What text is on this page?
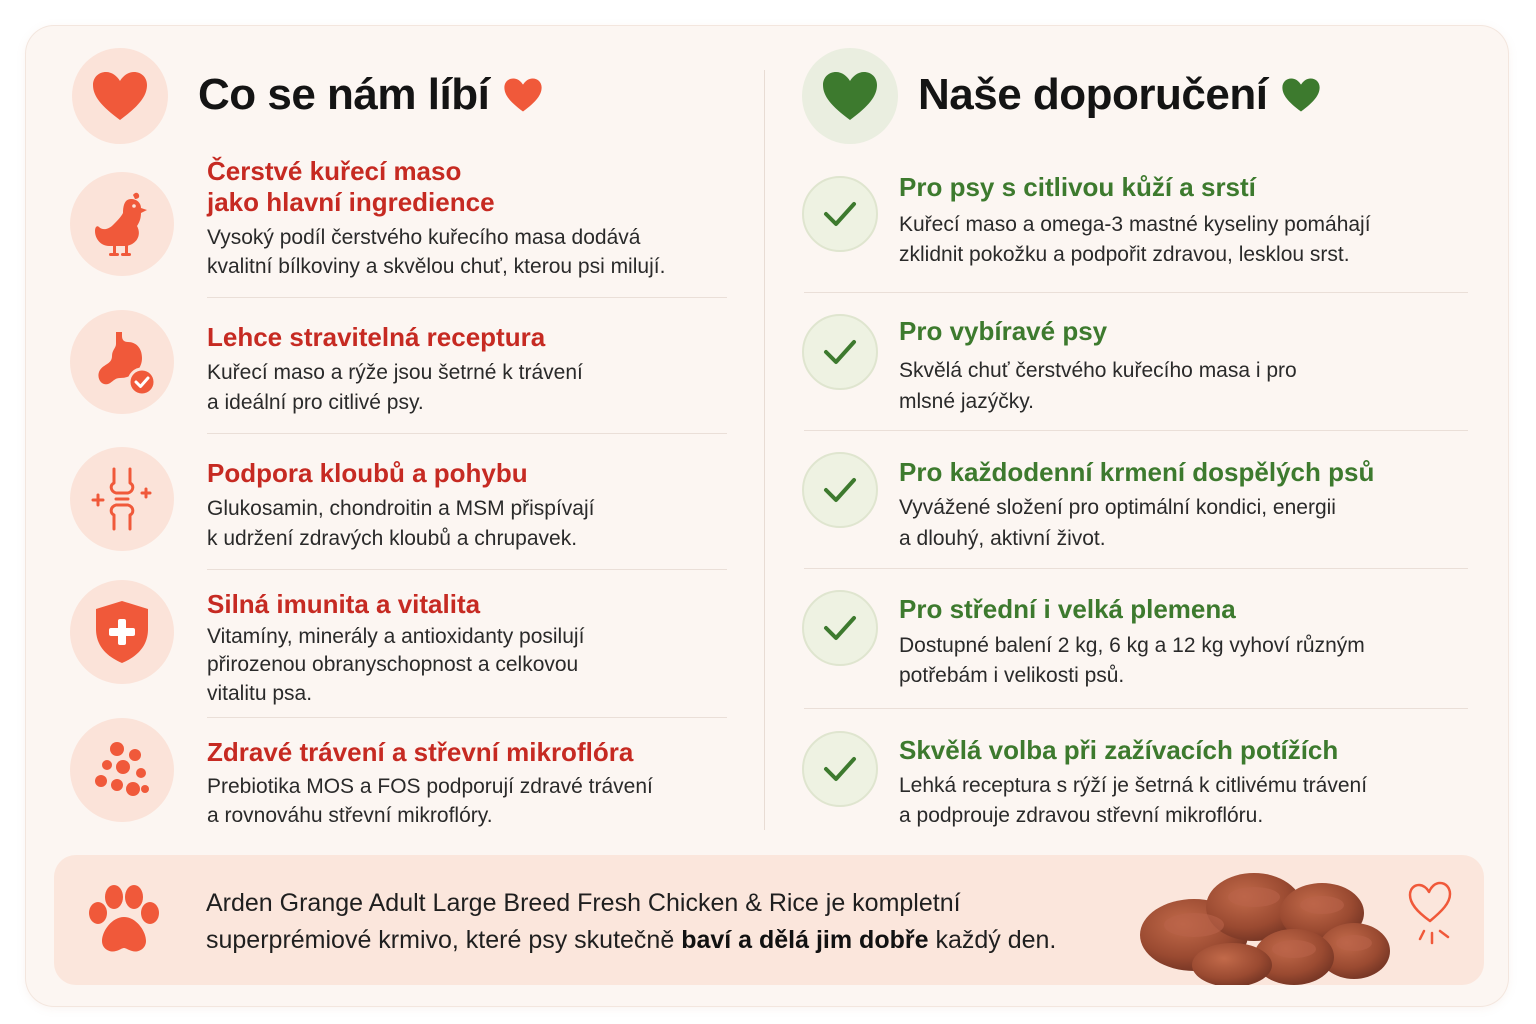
Co se nám líbí	Naše doporučení
Čerstvé kuřecí maso
jako hlavní ingredience
Vysoký podíl čerstvého kuřecího masa dodává
kvalitní bílkoviny a skvělou chuť, kterou psi milují.
Lehce stravitelná receptura
Kuřecí maso a rýže jsou šetrné k trávení
a ideální pro citlivé psy.
Podpora kloubů a pohybu
Glukosamin, chondroitin a MSM přispívají
k udržení zdravých kloubů a chrupavek.
Silná imunita a vitalita
Vitamíny, minerály a antioxidanty posilují
přirozenou obranyschopnost a celkovou
vitalitu psa.
Zdravé trávení a střevní mikroflóra
Prebiotika MOS a FOS podporují zdravé trávení
a rovnováhu střevní mikroflóry.
Pro psy s citlivou kůží a srstí
Kuřecí maso a omega-3 mastné kyseliny pomáhají
zklidnit pokožku a podpořit zdravou, lesklou srst.
Pro vybíravé psy
Skvělá chuť čerstvého kuřecího masa i pro
mlsné jazýčky.
Pro každodenní krmení dospělých psů
Vyvážené složení pro optimální kondici, energii
a dlouhý, aktivní život.
Pro střední i velká plemena
Dostupné balení 2 kg, 6 kg a 12 kg vyhoví různým
potřebám i velikosti psů.
Skvělá volba při zažívacích potížích
Lehká receptura s rýží je šetrná k citlivému trávení
a podprouje zdravou střevní mikroflóru.
Arden Grange Adult Large Breed Fresh Chicken & Rice je kompletní
superprémiové krmivo, které psy skutečně baví a dělá jim dobře každý den.
